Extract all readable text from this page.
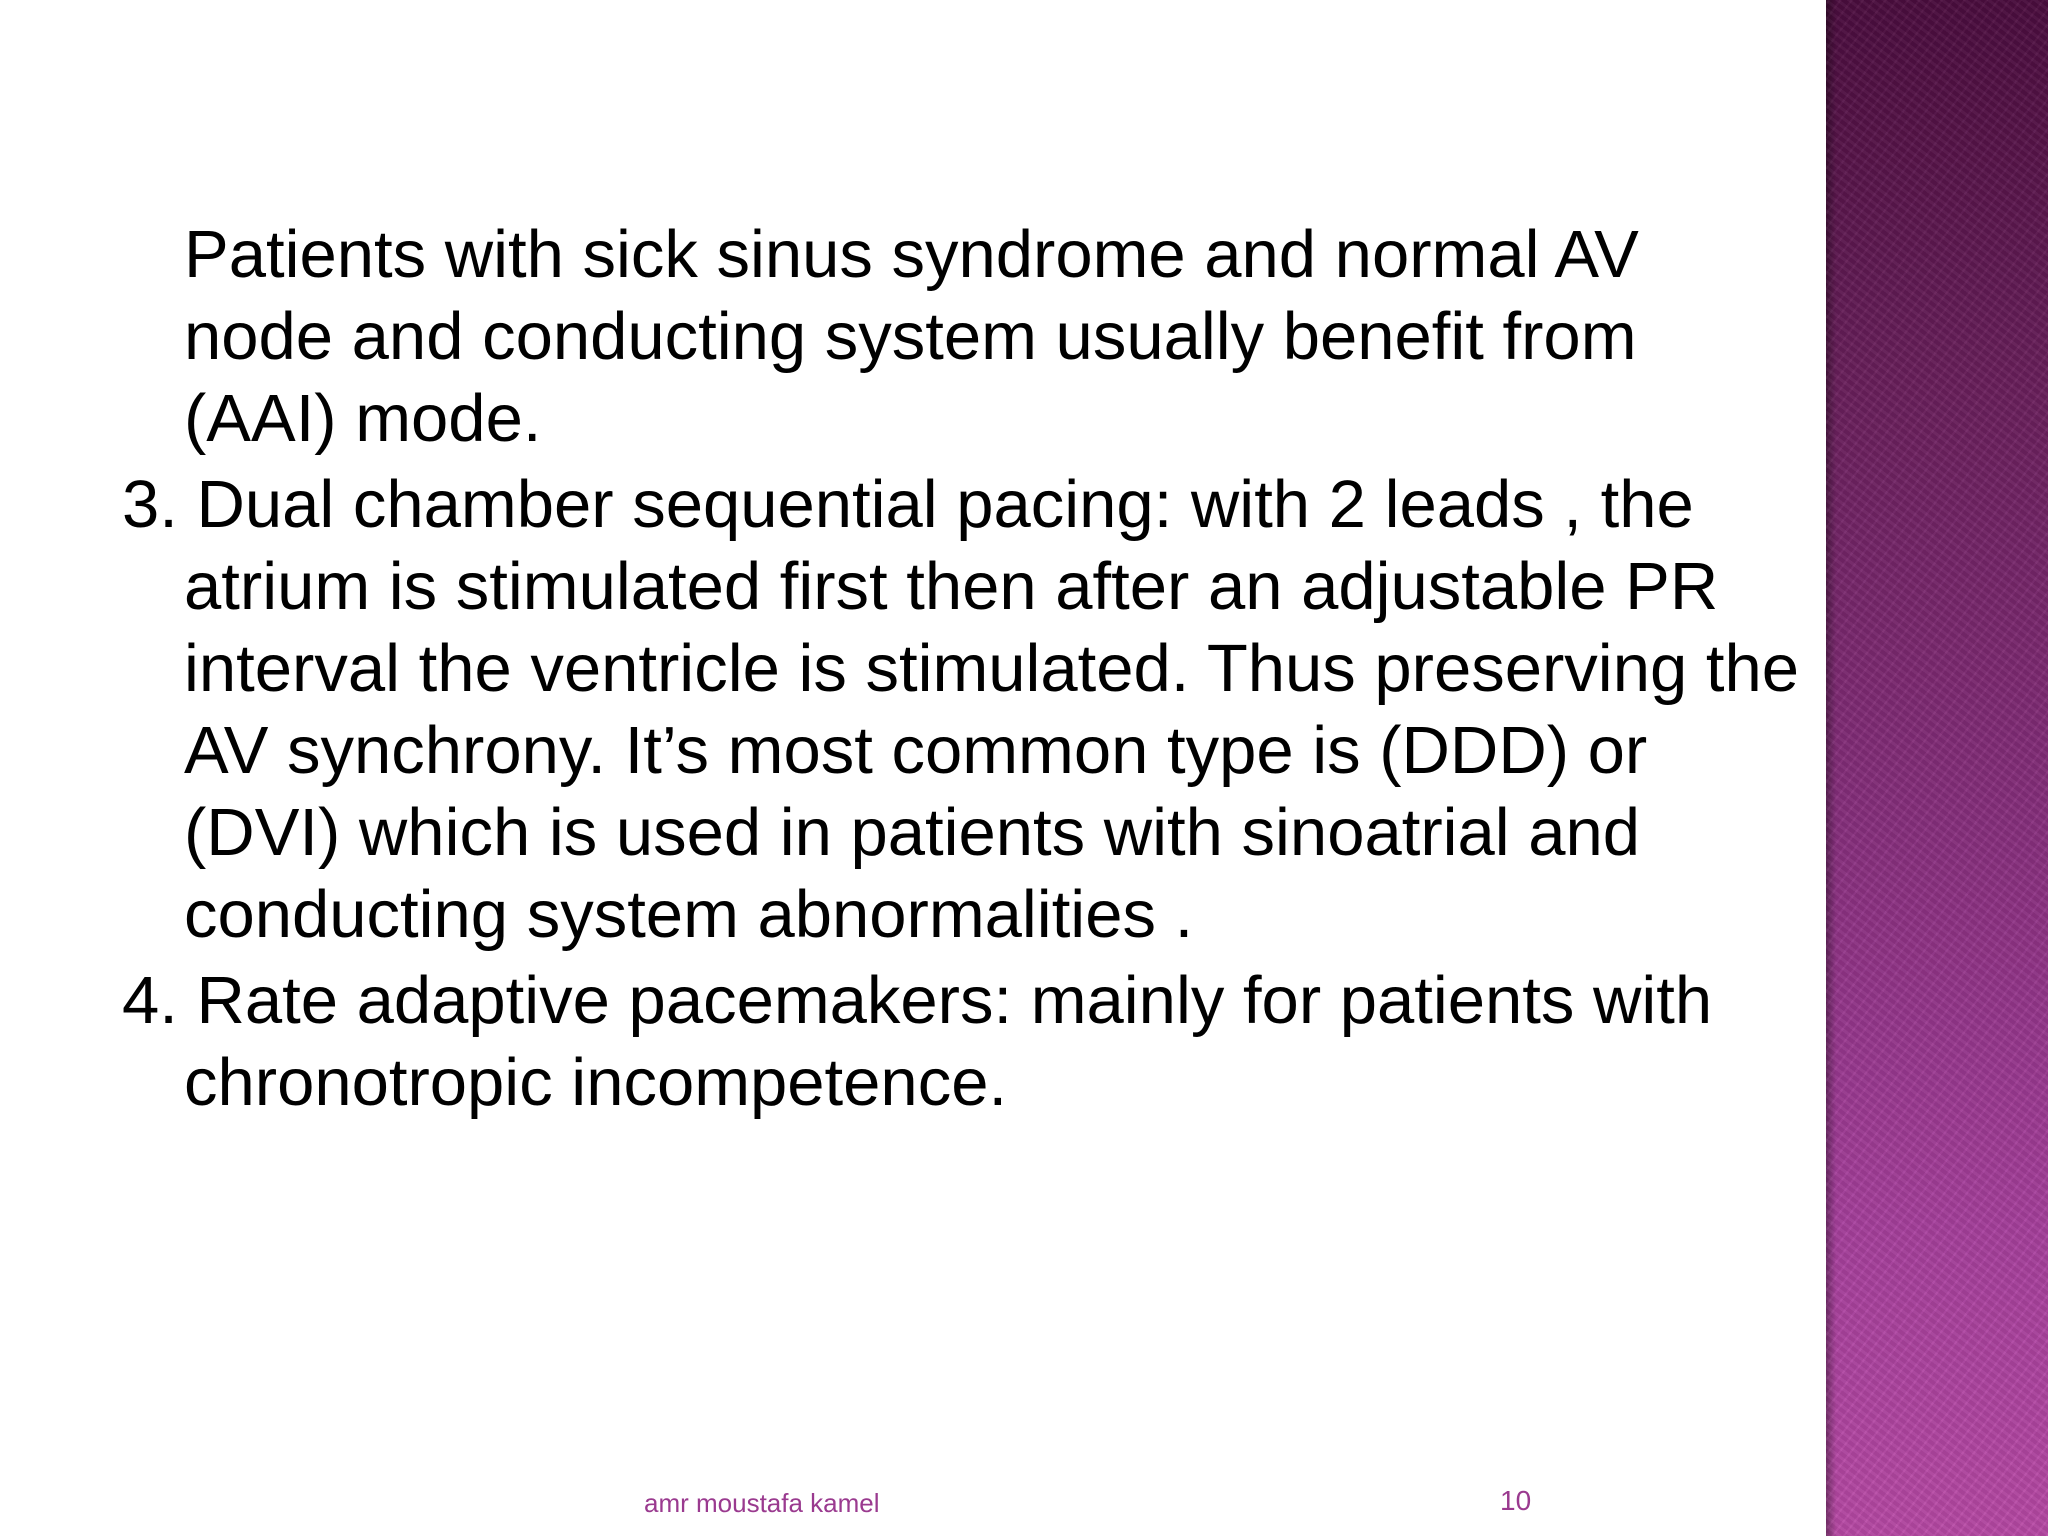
Patients with sick sinus syndrome and normal AV node and conducting system usually benefit from (AAI) mode.

3. Dual chamber sequential pacing: with 2 leads , the atrium is stimulated first then after an adjustable PR interval the ventricle is stimulated. Thus preserving the AV synchrony. It’s most common type is (DDD) or (DVI) which is used in patients with sinoatrial and conducting system abnormalities .

4. Rate adaptive pacemakers: mainly for patients with chronotropic incompetence.

amr moustafa kamel	10
